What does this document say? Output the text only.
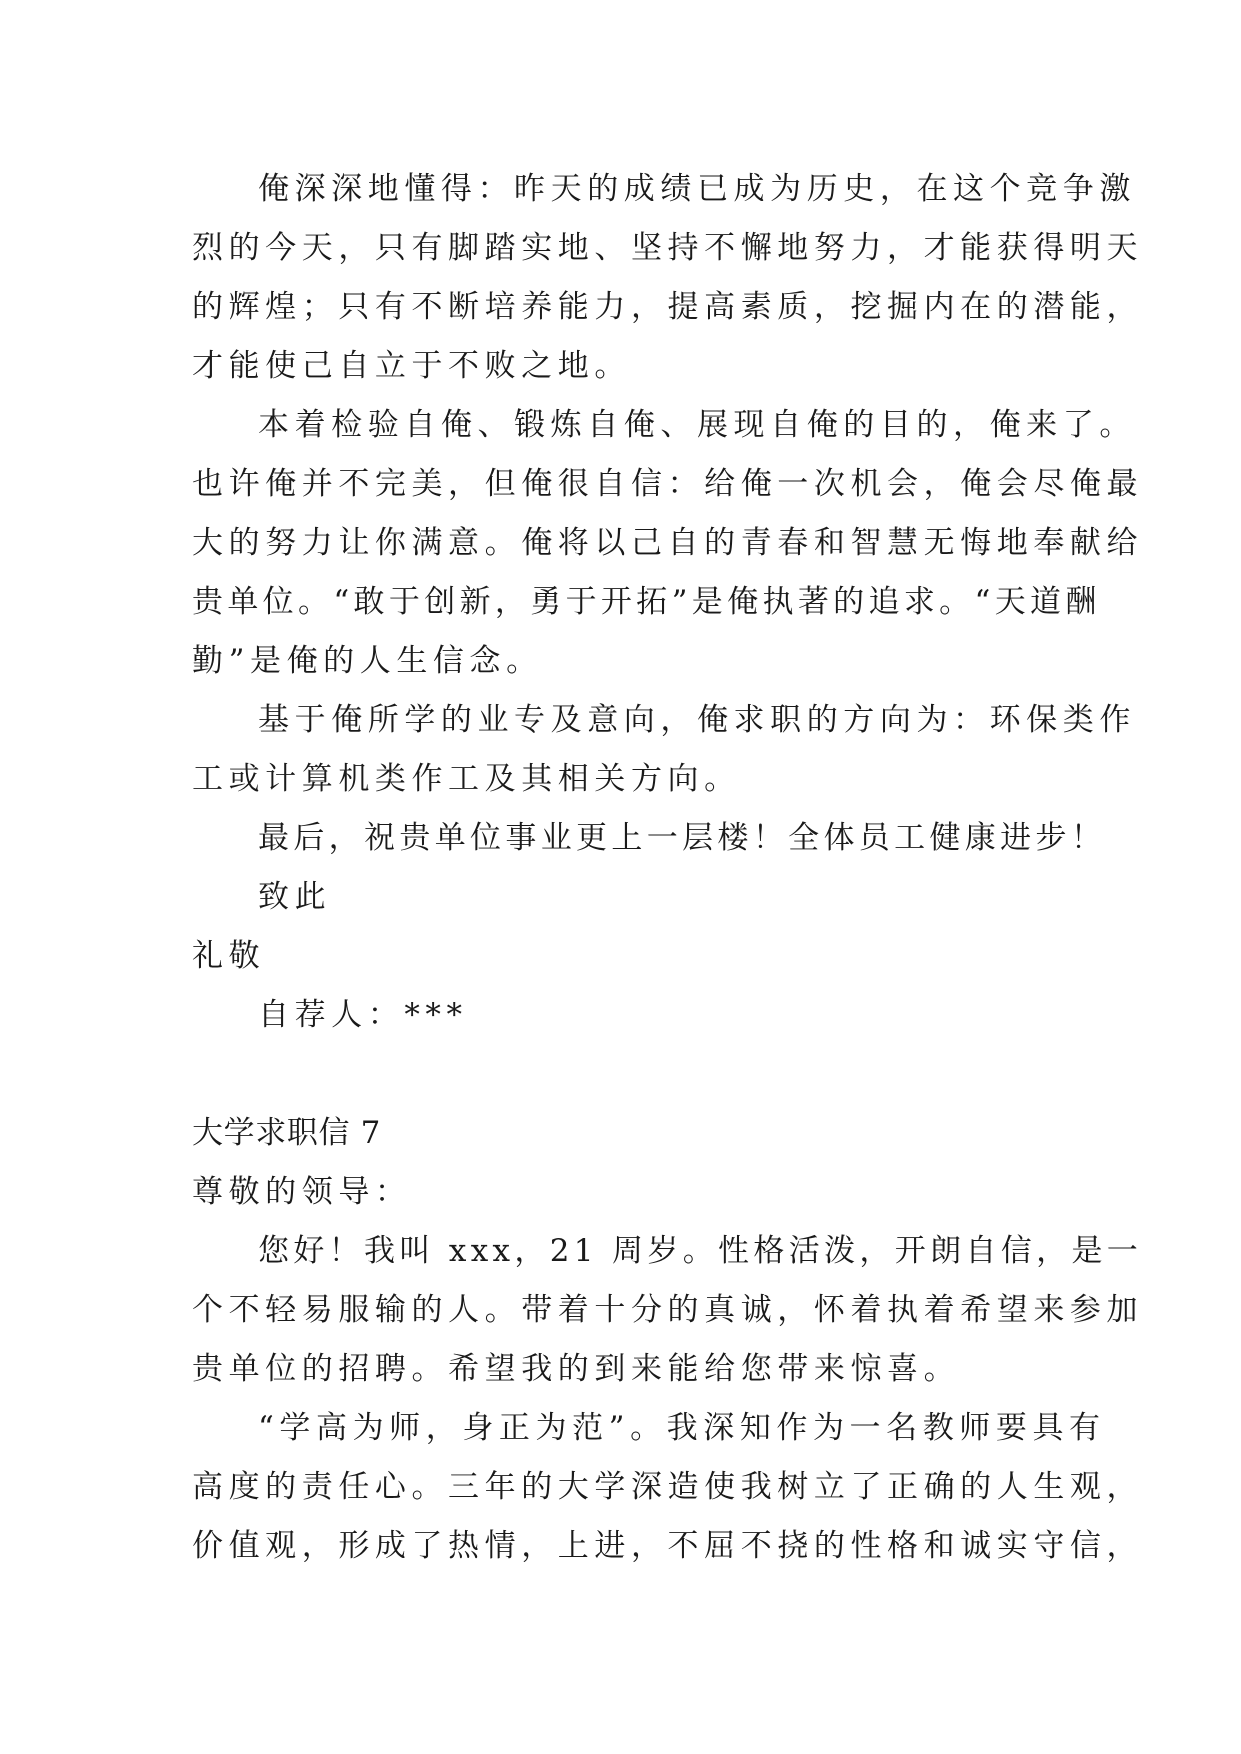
俺深深地懂得：昨天的成绩已成为历史，在这个竞争激
烈的今天，只有脚踏实地、坚持不懈地努力，才能获得明天
的辉煌；只有不断培养能力，提高素质，挖掘内在的潜能，
才能使己自立于不败之地。
本着检验自俺、锻炼自俺、展现自俺的目的，俺来了。
也许俺并不完美，但俺很自信：给俺一次机会，俺会尽俺最
大的努力让你满意。俺将以己自的青春和智慧无悔地奉献给
贵单位。“敢于创新，勇于开拓”是俺执著的追求。“天道酬
勤”是俺的人生信念。
基于俺所学的业专及意向，俺求职的方向为：环保类作
工或计算机类作工及其相关方向。
最后，祝贵单位事业更上一层楼！全体员工健康进步！
致此
礼敬
自荐人：***
大学求职信 7
尊敬的领导：
您好！我叫 xxx，21 周岁。性格活泼，开朗自信，是一
个不轻易服输的人。带着十分的真诚，怀着执着希望来参加
贵单位的招聘。希望我的到来能给您带来惊喜。
“学高为师，身正为范”。我深知作为一名教师要具有
高度的责任心。三年的大学深造使我树立了正确的人生观，
价值观，形成了热情，上进，不屈不挠的性格和诚实守信，
